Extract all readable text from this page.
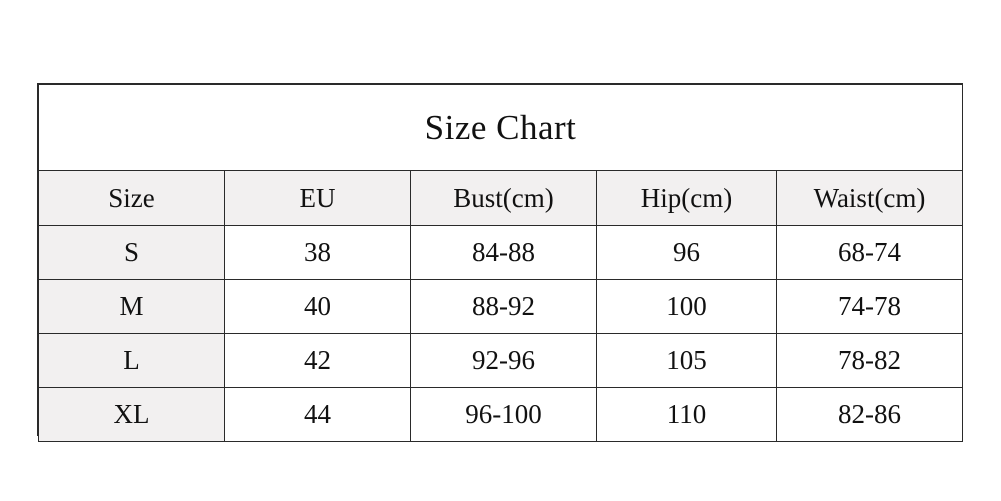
Size Chart				
Size	EU	Bust(cm)	Hip(cm)	Waist(cm)
S	38	84-88	96	68-74
M	40	88-92	100	74-78
L	42	92-96	105	78-82
XL	44	96-100	110	82-86
